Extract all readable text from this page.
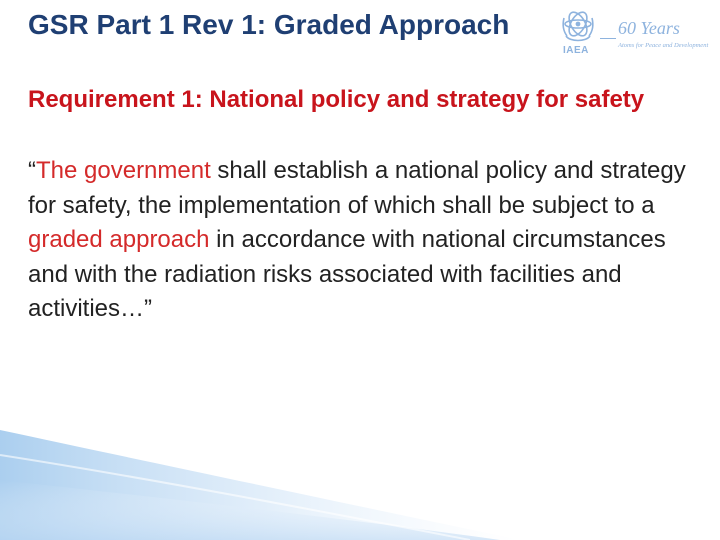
GSR Part 1 Rev 1: Graded Approach	60 Years
Atoms for Peace and Development
IAEA

Requirement 1: National policy and strategy for safety

“The government shall establish a national policy and strategy for safety, the implementation of which shall be subject to a graded approach in accordance with national circumstances and with the radiation risks associated with facilities and activities…”
